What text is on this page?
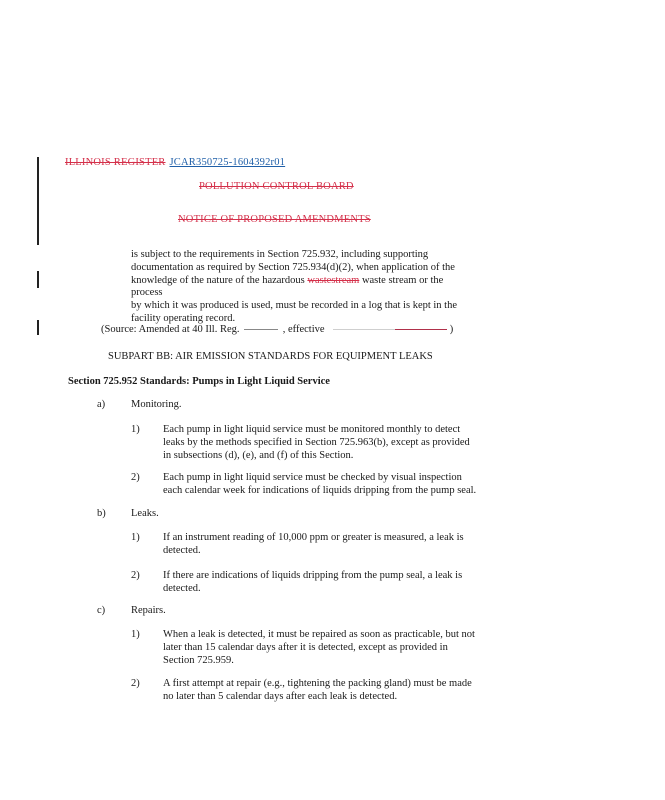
ILLINOIS REGISTER JCAR350725-1604392r01
POLLUTION CONTROL BOARD
NOTICE OF PROPOSED AMENDMENTS
is subject to the requirements in Section 725.932, including supporting
documentation as required by Section 725.934(d)(2), when application of the
knowledge of the nature of the hazardous wastestream waste stream or the process
by which it was produced is used, must be recorded in a log that is kept in the
facility operating record.
(Source: Amended at 40 Ill. Reg.	, effective	)
SUBPART BB: AIR EMISSION STANDARDS FOR EQUIPMENT LEAKS
Section 725.952 Standards: Pumps in Light Liquid Service
a) Monitoring.
1) Each pump in light liquid service must be monitored monthly to detect
leaks by the methods specified in Section 725.963(b), except as provided
in subsections (d), (e), and (f) of this Section.
2) Each pump in light liquid service must be checked by visual inspection
each calendar week for indications of liquids dripping from the pump seal.
b) Leaks.
1) If an instrument reading of 10,000 ppm or greater is measured, a leak is
detected.
2) If there are indications of liquids dripping from the pump seal, a leak is
detected.
c) Repairs.
1) When a leak is detected, it must be repaired as soon as practicable, but not
later than 15 calendar days after it is detected, except as provided in
Section 725.959.
2) A first attempt at repair (e.g., tightening the packing gland) must be made
no later than 5 calendar days after each leak is detected.
